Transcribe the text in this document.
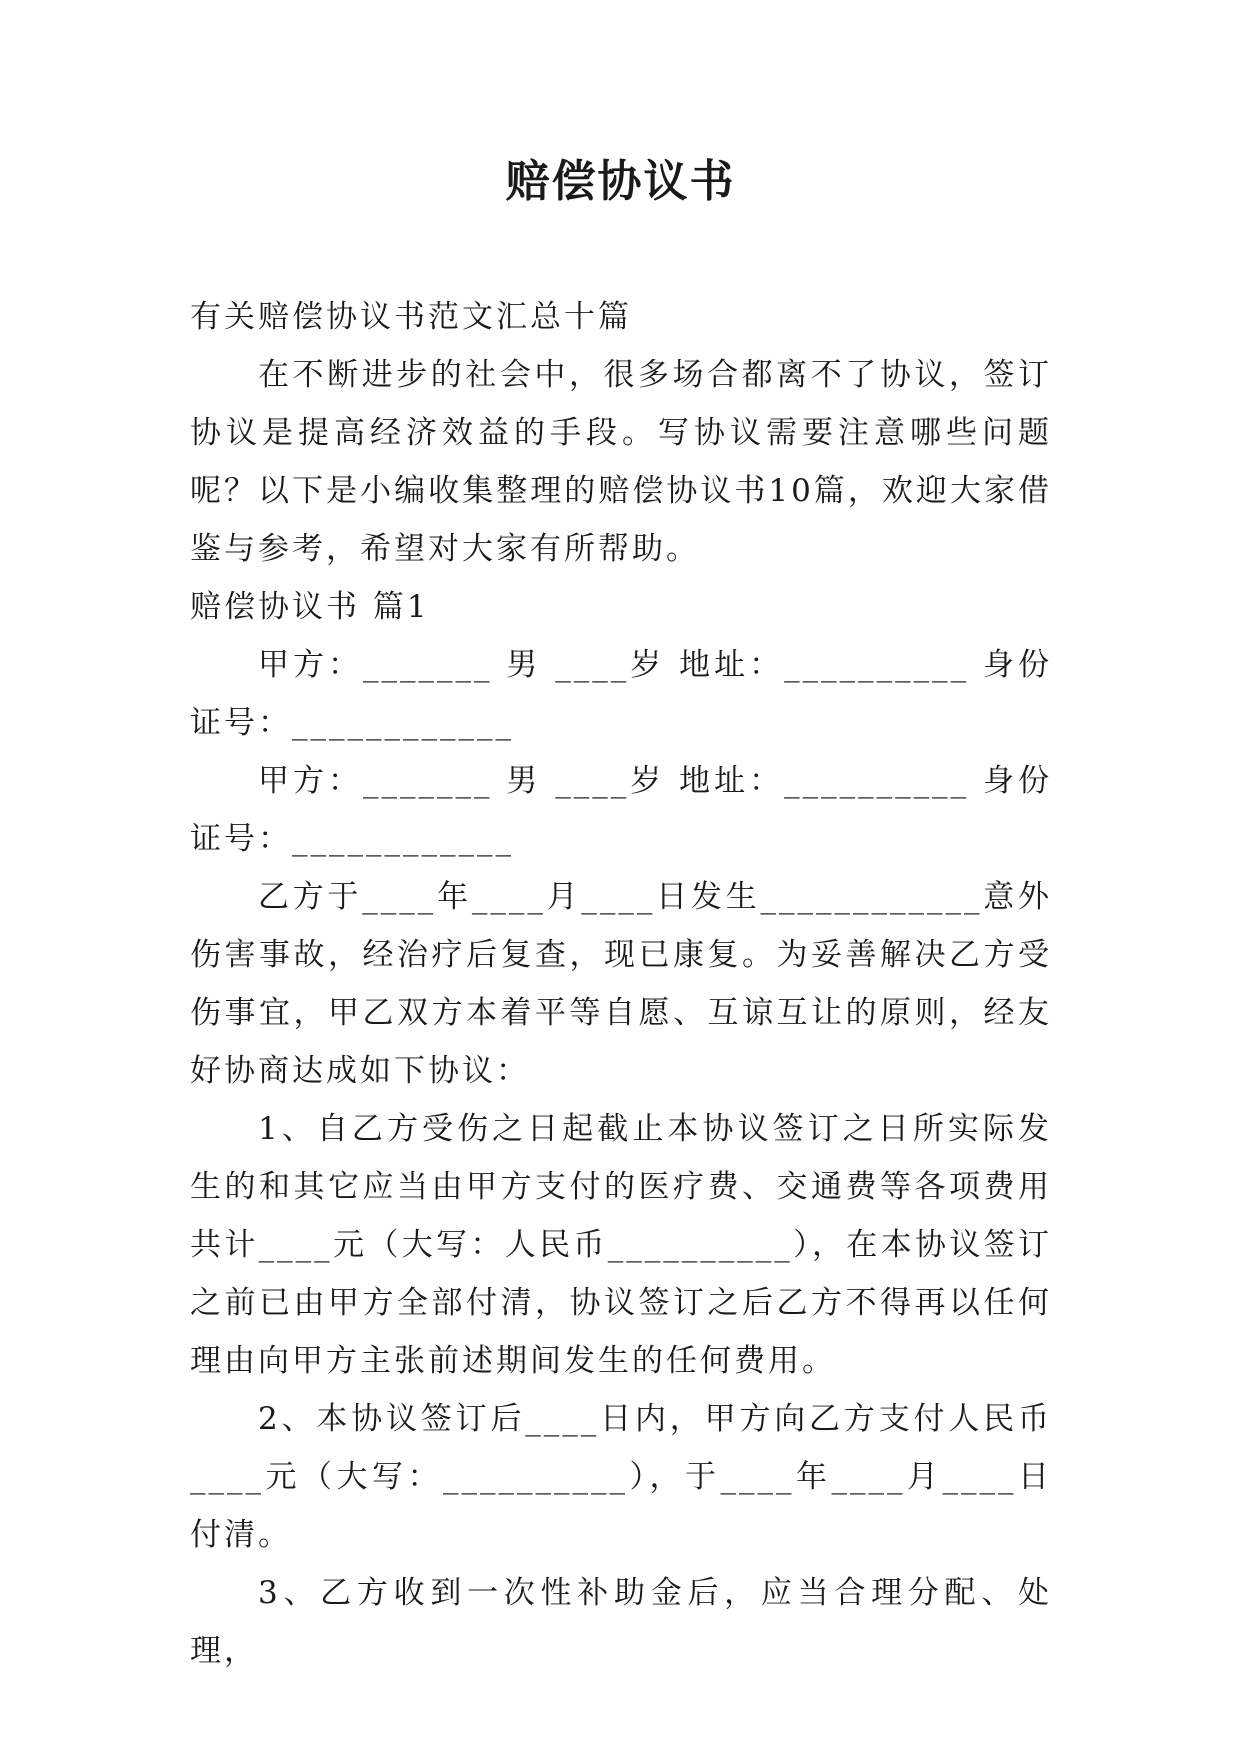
赔偿协议书

有关赔偿协议书范文汇总十篇

在不断进步的社会中，很多场合都离不了协议，签订协议是提高经济效益的手段。写协议需要注意哪些问题呢？以下是小编收集整理的赔偿协议书10篇，欢迎大家借鉴与参考，希望对大家有所帮助。

赔偿协议书 篇1

甲方：_______ 男 ____岁 地址：__________ 身份证号：____________

甲方：_______ 男 ____岁 地址：__________ 身份证号：____________

乙方于____年____月____日发生____________意外伤害事故，经治疗后复查，现已康复。为妥善解决乙方受伤事宜，甲乙双方本着平等自愿、互谅互让的原则，经友好协商达成如下协议：

1、自乙方受伤之日起截止本协议签订之日所实际发生的和其它应当由甲方支付的医疗费、交通费等各项费用共计____元（大写：人民币__________），在本协议签订之前已由甲方全部付清，协议签订之后乙方不得再以任何理由向甲方主张前述期间发生的任何费用。

2、本协议签订后____日内，甲方向乙方支付人民币____元（大写：__________），于____年____月____日付清。

3、乙方收到一次性补助金后，应当合理分配、处理，
